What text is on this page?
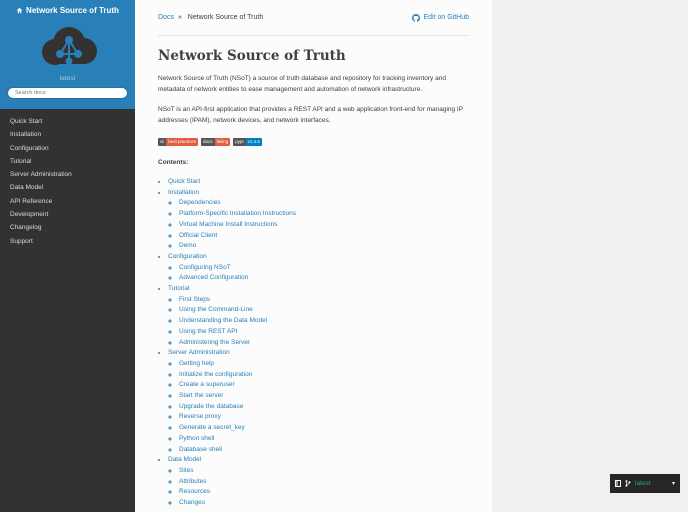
Network Source of Truth
latest
Search docs
Quick Start
Installation
Configuration
Tutorial
Server Administration
Data Model
API Reference
Development
Changelog
Support
Docs » Network Source of Truth	Edit on GitHub
Network Source of Truth

Network Source of Truth (NSoT) a source of truth database and repository for tracking inventory and metadata of network entities to ease management and automation of network infrastructure.

NSoT is an API-first application that provides a REST API and a web application front-end for managing IP addresses (IPAM), network devices, and network interfaces.

cii best practices	docs failing	pypi v1.4.6
Contents:
• Quick Start
• Installation
◦ Dependencies
◦ Platform-Specific Installation Instructions
◦ Virtual Machine Install Instructions
◦ Official Client
◦ Demo
• Configuration
◦ Configuring NSoT
◦ Advanced Configuration
• Tutorial
◦ First Steps
◦ Using the Command-Line
◦ Understanding the Data Model
◦ Using the REST API
◦ Administering the Server
• Server Administration
◦ Getting help
◦ Initialize the configuration
◦ Create a superuser
◦ Start the server
◦ Upgrade the database
◦ Reverse proxy
◦ Generate a secret_key
◦ Python shell
◦ Database shell
• Data Model
◦ Sites
◦ Attributes
◦ Resources
◦ Changes
latest	▾
